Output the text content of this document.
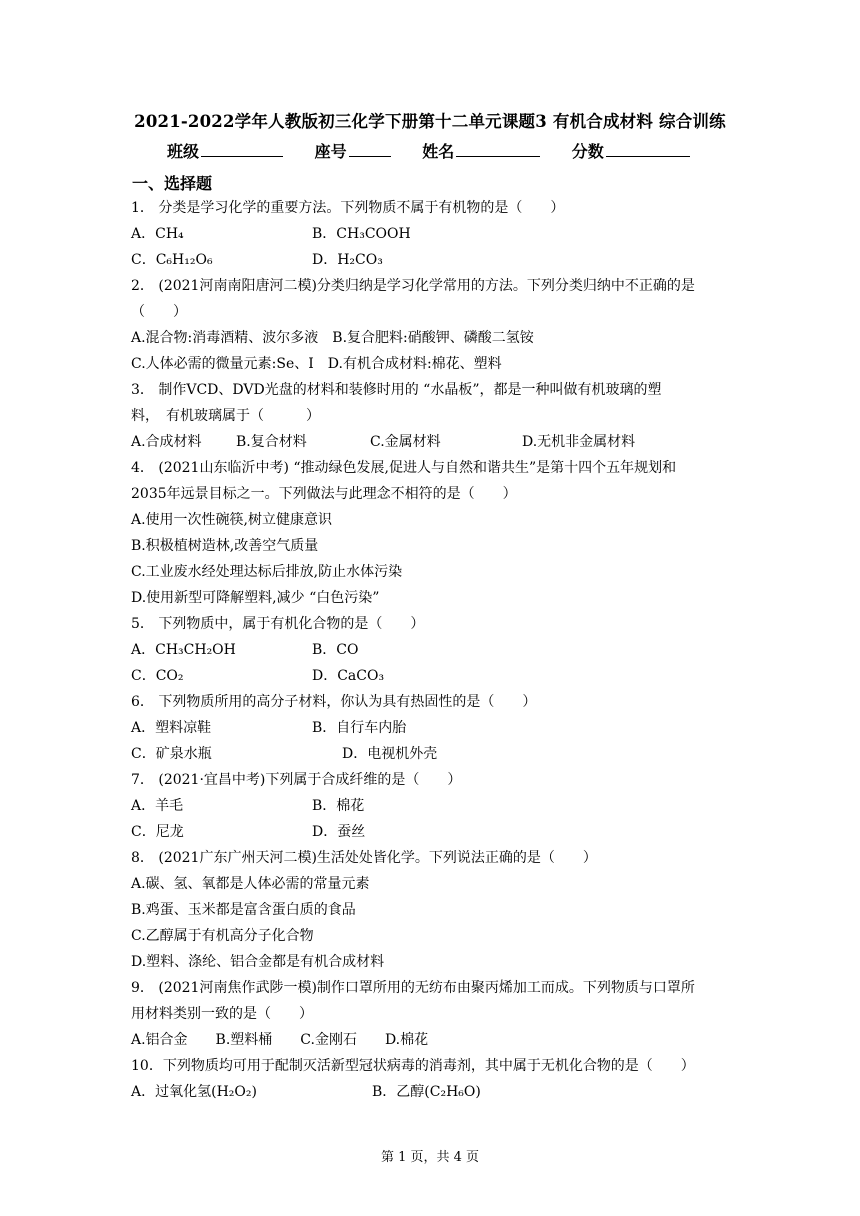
2021-2022学年人教版初三化学下册第十二单元课题3 有机合成材料 综合训练
班级	座号	姓名	分数
一、选择题
1． 分类是学习化学的重要方法。下列物质不属于有机物的是（　　）
A．CH₄	B．CH₃COOH
C．C₆H₁₂O₆	D．H₂CO₃
2． (2021河南南阳唐河二模)分类归纳是学习化学常用的方法。下列分类归纳中不正确的是
（　　）
A.混合物:消毒酒精、波尔多液　B.复合肥料:硝酸钾、磷酸二氢铵
C.人体必需的微量元素:Se、I　D.有机合成材料:棉花、塑料
3． 制作VCD、DVD光盘的材料和装修时用的 “水晶板”，都是一种叫做有机玻璃的塑
料，　有机玻璃属于（　　　）
A.合成材料 B.复合材料	C.金属材料	D.无机非金属材料
4． (2021山东临沂中考) “推动绿色发展,促进人与自然和谐共生”是第十四个五年规划和
2035年远景目标之一。下列做法与此理念不相符的是（　　）
A.使用一次性碗筷,树立健康意识
B.积极植树造林,改善空气质量
C.工业废水经处理达标后排放,防止水体污染
D.使用新型可降解塑料,减少 “白色污染”
5． 下列物质中，属于有机化合物的是（　　）
A．CH₃CH₂OH	B．CO
C．CO₂	D．CaCO₃
6． 下列物质所用的高分子材料，你认为具有热固性的是（　　）
A．塑料凉鞋	B．自行车内胎
C．矿泉水瓶	D．电视机外壳
7． (2021·宜昌中考)下列属于合成纤维的是（　　）
A．羊毛	B．棉花
C．尼龙	D．蚕丝
8． (2021广东广州天河二模)生活处处皆化学。下列说法正确的是（　　）
A.碳、氢、氧都是人体必需的常量元素
B.鸡蛋、玉米都是富含蛋白质的食品
C.乙醇属于有机高分子化合物
D.塑料、涤纶、铝合金都是有机合成材料
9． (2021河南焦作武陟一模)制作口罩所用的无纺布由聚丙烯加工而成。下列物质与口罩所
用材料类别一致的是（　　）
A.铝合金　　B.塑料桶　　C.金刚石　　D.棉花
10．下列物质均可用于配制灭活新型冠状病毒的消毒剂，其中属于无机化合物的是（　　）
A．过氧化氢(H₂O₂)	B．乙醇(C₂H₆O)
第 1 页，共 4 页
